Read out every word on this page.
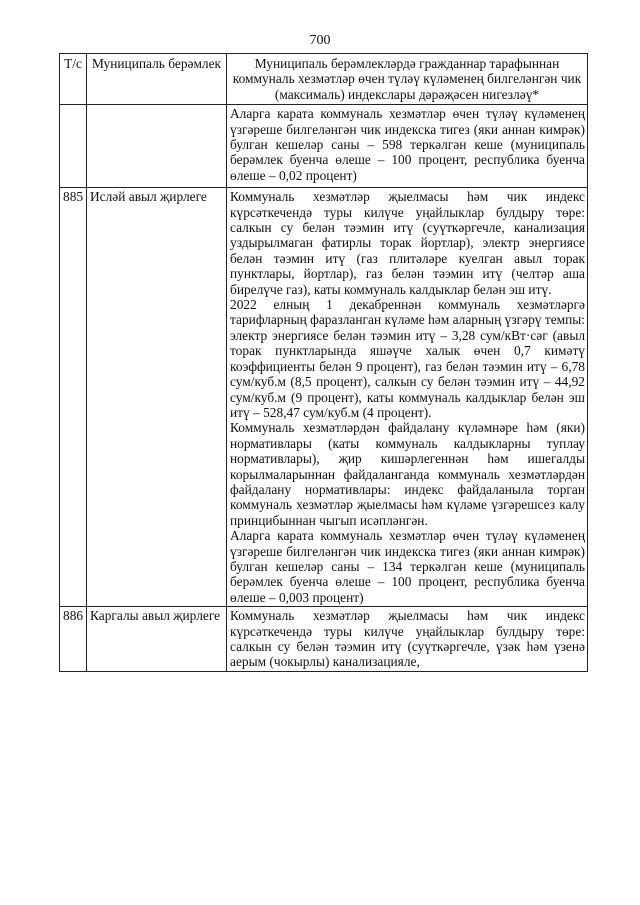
700
Т/с	Муниципаль берәмлек	Муниципаль берәмлекләрдә гражданнар тарафыннан коммуналь хезмәтләр өчен түләү күләменең билгеләнгән чик (максималь) индекслары дәрәҗәсен нигезләү*

		Аларга карата коммуналь хезмәтләр өчен түләү күләменең үзгәреше билгеләнгән чик индекска тигез (яки аннан кимрәк) булган кешеләр саны – 598 теркәлгән кеше (муниципаль берәмлек буенча өлеше – 100 процент, республика буенча өлеше – 0,02 процент)

885	Ислəй авыл җирлеге	Коммуналь хезмәтләр җыелмасы һәм чик индекс күрсәткечендә туры килүче уңайлыклар булдыру төре: салкын су белән тәэмин итү (суүткәргечле, канализация уздырылмаган фатирлы торак йортлар), электр энергиясе белән тәэмин итү (газ плитәләре куелган авыл торак пунктлары, йортлар), газ белән тәэмин итү (челтәр аша бирелүче газ), каты коммуналь калдыклар белән эш итү.
2022 елның 1 декабреннән коммуналь хезмәтләргә тарифларның фаразланган күләме һәм аларның үзгәрү темпы: электр энергиясе белән тәэмин итү – 3,28 сум/кВт·сәг (авыл торак пунктларында яшәүче халык өчен 0,7 кимәтү коэффициенты белән 9 процент), газ белән тәэмин итү – 6,78 сум/куб.м (8,5 процент), салкын су белән тәэмин итү – 44,92 сум/куб.м (9 процент), каты коммуналь калдыклар белән эш итү – 528,47 сум/куб.м (4 процент).
Коммуналь хезмәтләрдән файдалану күләмнәре һәм (яки) нормативлары (каты коммуналь калдыкларны туплау нормативлары), җир кишәрлегеннән һәм ишегалды корылмаларыннан файдаланганда коммуналь хезмәтләрдән файдалану нормативлары: индекс файдаланыла торган коммуналь хезмәтләр җыелмасы һәм күләме үзгәрешсез калу принцибыннан чыгып исәпләнгән.
Аларга карата коммуналь хезмәтләр өчен түләү күләменең үзгәреше билгеләнгән чик индекска тигез (яки аннан кимрәк) булган кешеләр саны – 134 теркәлгән кеше (муниципаль берәмлек буенча өлеше – 100 процент, республика буенча өлеше – 0,003 процент)

886	Каргалы авыл җирлеге	Коммуналь хезмәтләр җыелмасы һәм чик индекс күрсәткечендә туры килүче уңайлыклар булдыру төре: салкын су белән тәэмин итү (суүткәргечле, үзәк һәм үзенә аерым (чокырлы) канализацияле,
